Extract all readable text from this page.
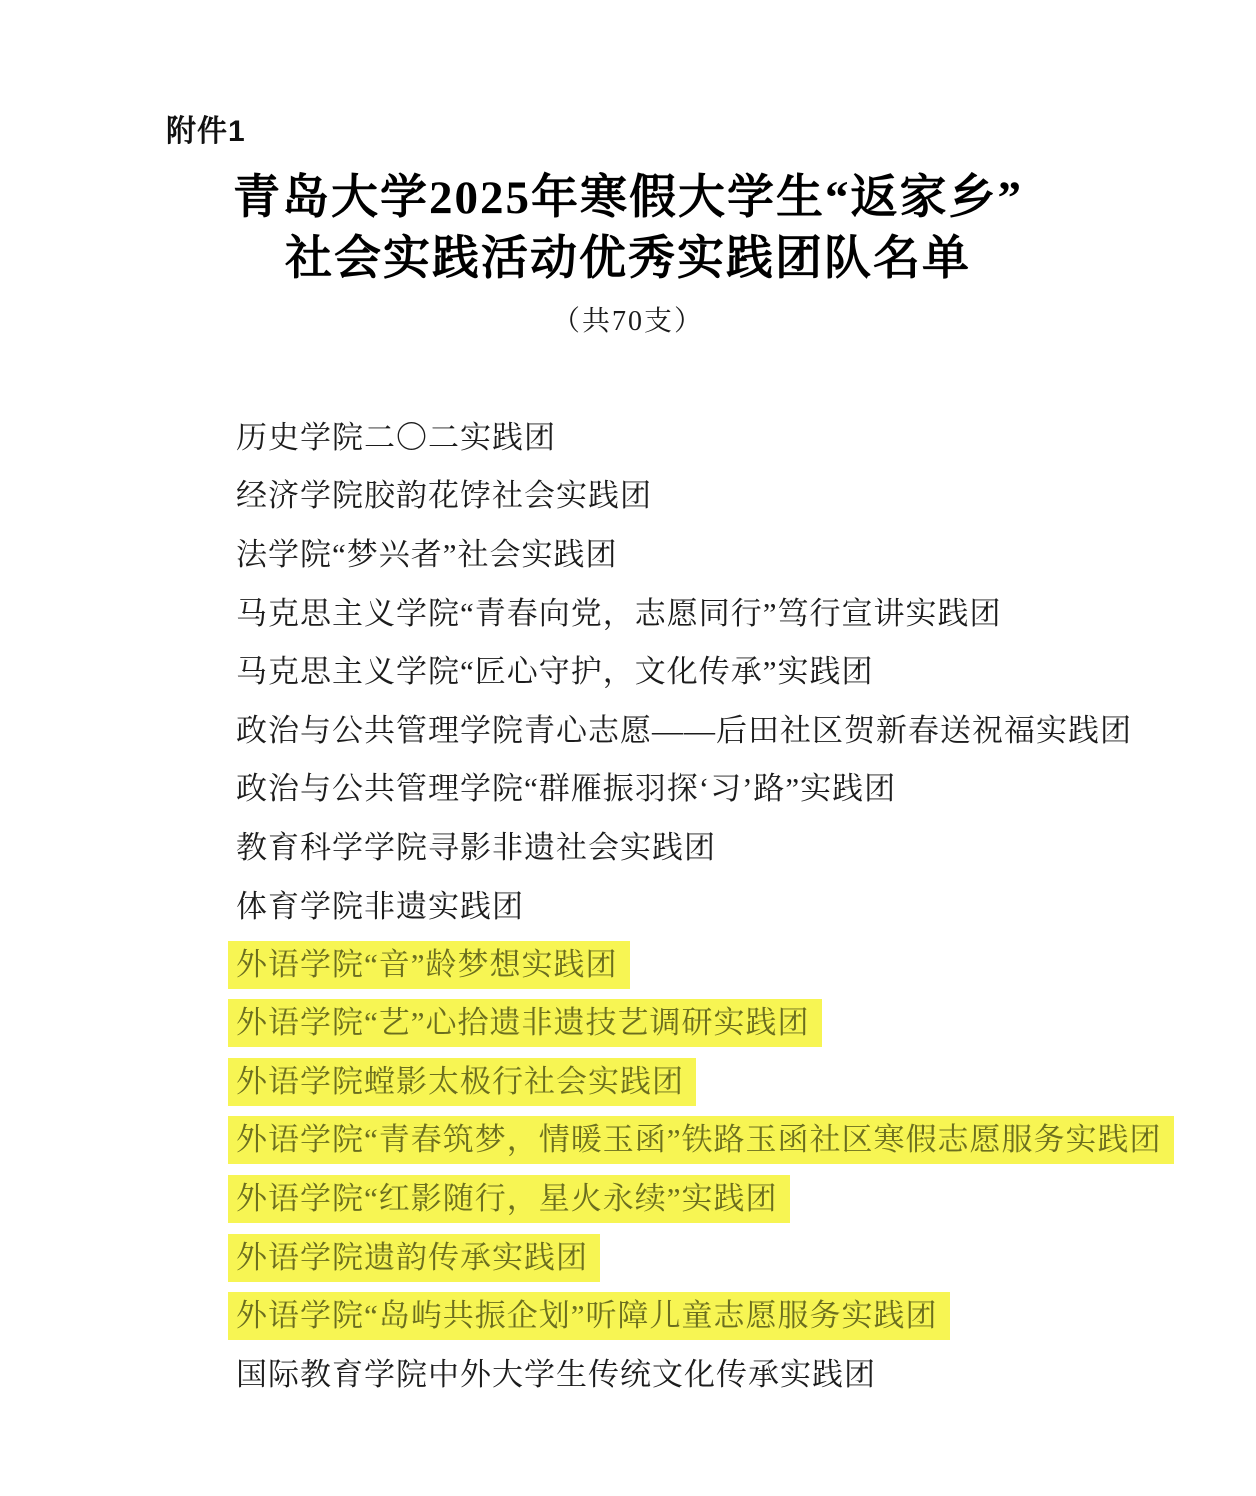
附件1
青岛大学2025年寒假大学生“返家乡”
社会实践活动优秀实践团队名单
（共70支）
历史学院二〇二实践团
经济学院胶韵花饽社会实践团
法学院“梦兴者”社会实践团
马克思主义学院“青春向党，志愿同行”笃行宣讲实践团
马克思主义学院“匠心守护，文化传承”实践团
政治与公共管理学院青心志愿——后田社区贺新春送祝福实践团
政治与公共管理学院“群雁振羽探‘习’路”实践团
教育科学学院寻影非遗社会实践团
体育学院非遗实践团
外语学院“音”龄梦想实践团
外语学院“艺”心拾遗非遗技艺调研实践团
外语学院螳影太极行社会实践团
外语学院“青春筑梦，情暖玉函”铁路玉函社区寒假志愿服务实践团
外语学院“红影随行，星火永续”实践团
外语学院遗韵传承实践团
外语学院“岛屿共振企划”听障儿童志愿服务实践团
国际教育学院中外大学生传统文化传承实践团
